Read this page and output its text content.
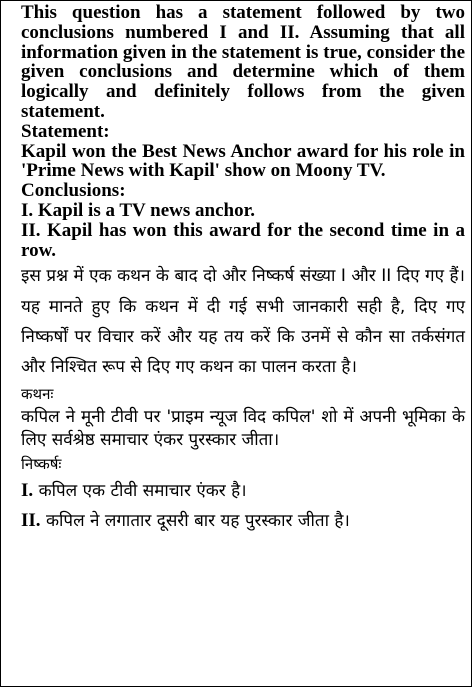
This question has a statement followed by two conclusions numbered I and II. Assuming that all information given in the statement is true, consider the given conclusions and determine which of them logically and definitely follows from the given statement.

Statement:

Kapil won the Best News Anchor award for his role in 'Prime News with Kapil' show on Moony TV.

Conclusions:

I. Kapil is a TV news anchor.

II. Kapil has won this award for the second time in a row.

इस प्रश्न में एक कथन के बाद दो और निष्कर्ष संख्या I और II दिए गए हैं। यह मानते हुए कि कथन में दी गई सभी जानकारी सही है, दिए गए निष्कर्षों पर विचार करें और यह तय करें कि उनमें से कौन सा तर्कसंगत और निश्चित रूप से दिए गए कथन का पालन करता है।

कथनः

कपिल ने मूनी टीवी पर 'प्राइम न्यूज विद कपिल' शो में अपनी भूमिका के लिए सर्वश्रेष्ठ समाचार एंकर पुरस्कार जीता।

निष्कर्षः

I. कपिल एक टीवी समाचार एंकर है।

II. कपिल ने लगातार दूसरी बार यह पुरस्कार जीता है।
